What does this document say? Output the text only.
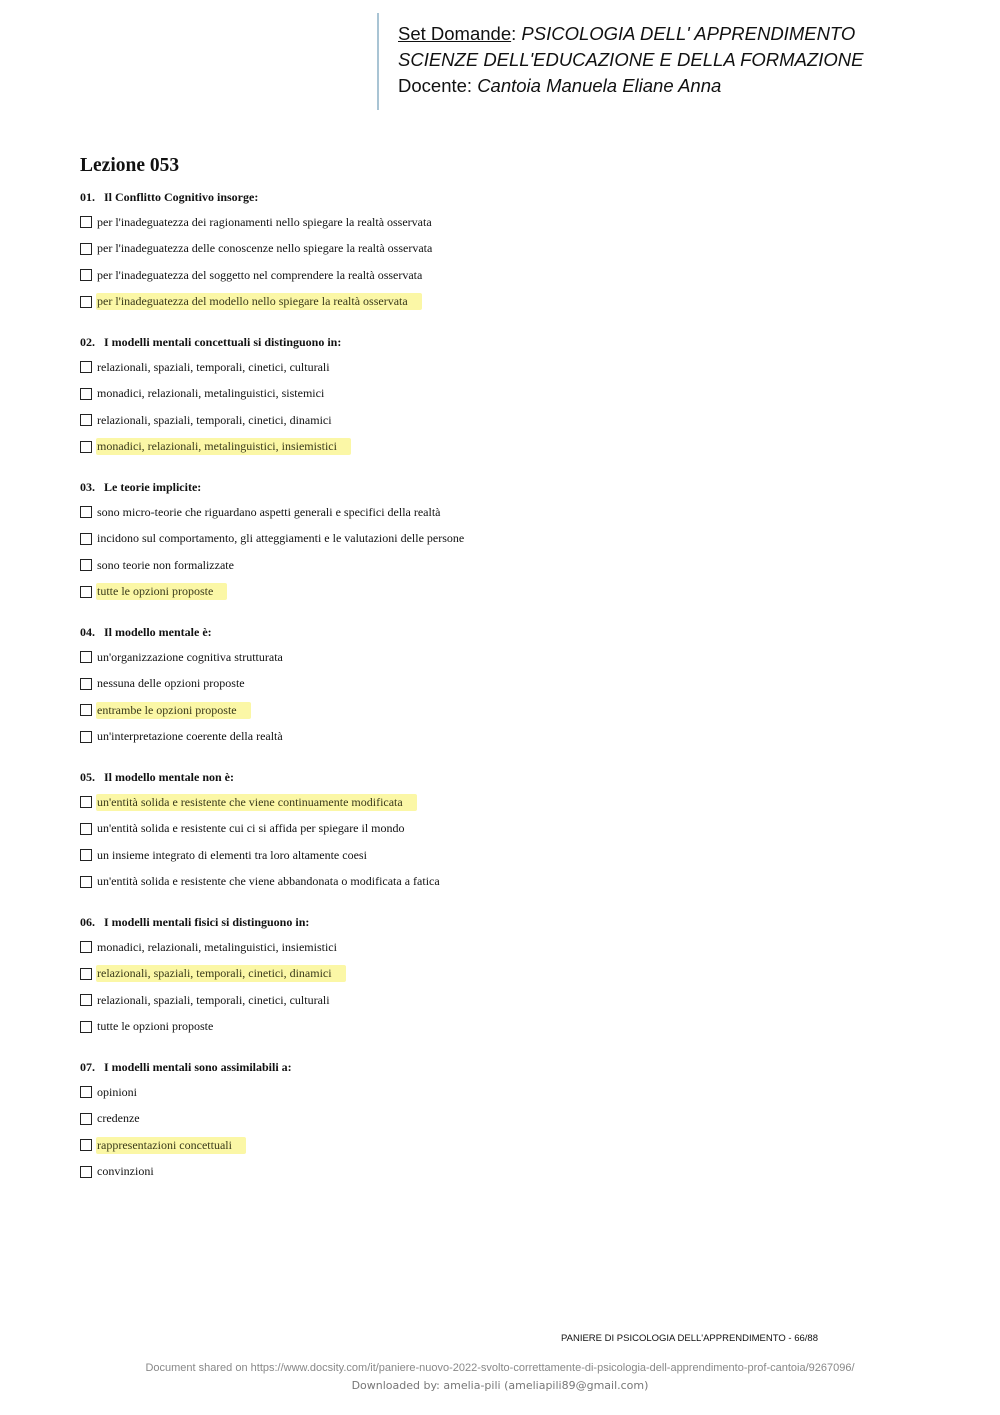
Set Domande: PSICOLOGIA DELL' APPRENDIMENTO
SCIENZE DELL'EDUCAZIONE E DELLA FORMAZIONE
Docente: Cantoia Manuela Eliane Anna
Lezione 053
01. Il Conflitto Cognitivo insorge:
per l'inadeguatezza dei ragionamenti nello spiegare la realtà osservata
per l'inadeguatezza delle conoscenze nello spiegare la realtà osservata
per l'inadeguatezza del soggetto nel comprendere la realtà osservata
per l'inadeguatezza del modello nello spiegare la realtà osservata
02. I modelli mentali concettuali si distinguono in:
relazionali, spaziali, temporali, cinetici, culturali
monadici, relazionali, metalinguistici, sistemici
relazionali, spaziali, temporali, cinetici, dinamici
monadici, relazionali, metalinguistici, insiemistici
03. Le teorie implicite:
sono micro-teorie che riguardano aspetti generali e specifici della realtà
incidono sul comportamento, gli atteggiamenti e le valutazioni delle persone
sono teorie non formalizzate
tutte le opzioni proposte
04. Il modello mentale è:
un'organizzazione cognitiva strutturata
nessuna delle opzioni proposte
entrambe le opzioni proposte
un'interpretazione coerente della realtà
05. Il modello mentale non è:
un'entità solida e resistente che viene continuamente modificata
un'entità solida e resistente cui ci si affida per spiegare il mondo
un insieme integrato di elementi tra loro altamente coesi
un'entità solida e resistente che viene abbandonata o modificata a fatica
06. I modelli mentali fisici si distinguono in:
monadici, relazionali, metalinguistici, insiemistici
relazionali, spaziali, temporali, cinetici, dinamici
relazionali, spaziali, temporali, cinetici, culturali
tutte le opzioni proposte
07. I modelli mentali sono assimilabili a:
opinioni
credenze
rappresentazioni concettuali
convinzioni
PANIERE DI PSICOLOGIA DELL'APPRENDIMENTO - 66/88
Document shared on https://www.docsity.com/it/paniere-nuovo-2022-svolto-correttamente-di-psicologia-dell-apprendimento-prof-cantoia/9267096/
Downloaded by: amelia-pili (ameliapili89@gmail.com)
